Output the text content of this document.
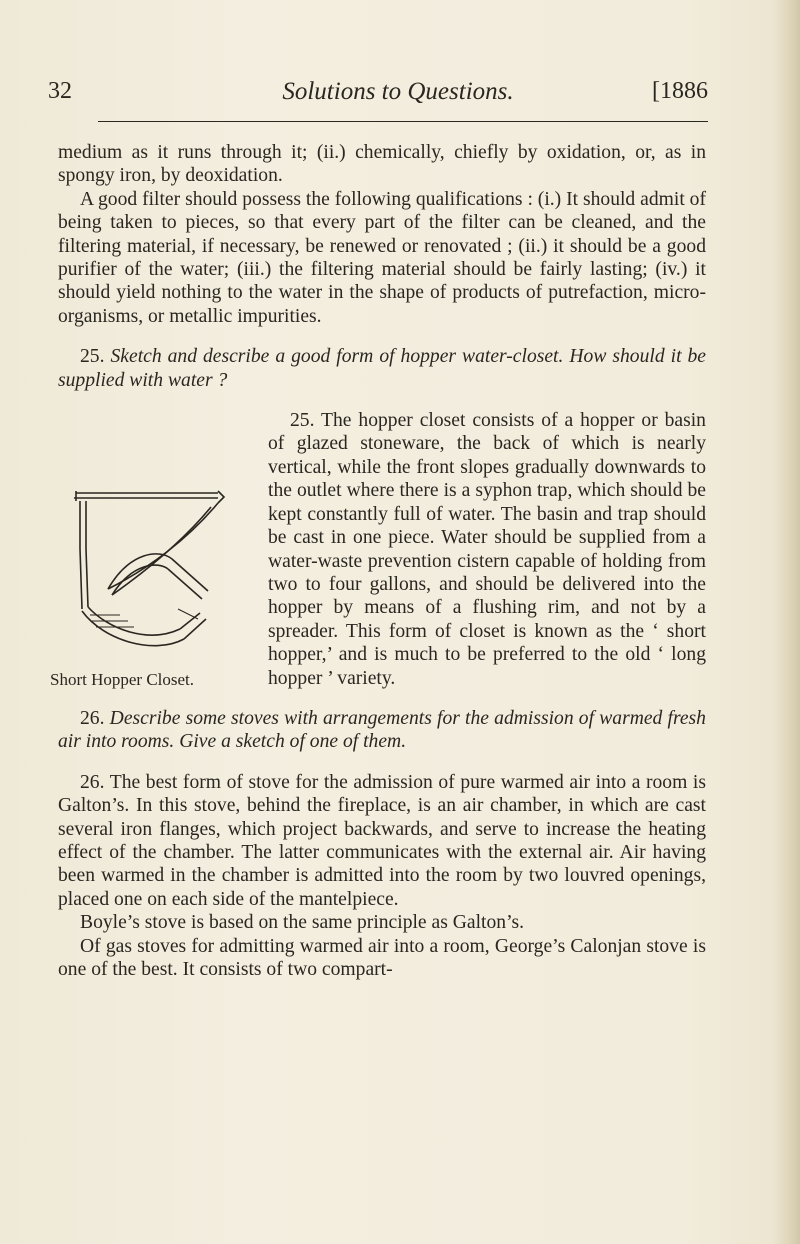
32	Solutions to Questions.	[1886

medium as it runs through it; (ii.) chemically, chiefly by oxidation, or, as in spongy iron, by deoxidation.

A good filter should possess the following qualifications : (i.) It should admit of being taken to pieces, so that every part of the filter can be cleaned, and the filtering material, if necessary, be renewed or renovated ; (ii.) it should be a good purifier of the water; (iii.) the filtering material should be fairly lasting; (iv.) it should yield nothing to the water in the shape of products of putrefaction, micro-organisms, or metallic impurities.

25. Sketch and describe a good form of hopper water-closet. How should it be supplied with water ?

25.
Short Hopper Closet.
The hopper closet consists of a hopper or basin of glazed stoneware, the back of which is nearly vertical, while the front slopes gradually downwards to the outlet where there is a syphon trap, which should be kept constantly full of water. The basin and trap should be cast in one piece. Water should be supplied from a water-waste prevention cistern capable of holding from two to four gallons, and should be delivered into the hopper by means of a flushing rim, and not by a spreader. This form of closet is known as the ‘ short hopper,’ and is much to be preferred to the old ‘ long hopper ’ variety.

26. Describe some stoves with arrangements for the admission of warmed fresh air into rooms. Give a sketch of one of them.

26. The best form of stove for the admission of pure warmed air into a room is Galton’s. In this stove, behind the fireplace, is an air chamber, in which are cast several iron flanges, which project backwards, and serve to increase the heating effect of the chamber. The latter communicates with the external air. Air having been warmed in the chamber is admitted into the room by two louvred openings, placed one on each side of the mantelpiece.

Boyle’s stove is based on the same principle as Galton’s.

Of gas stoves for admitting warmed air into a room, George’s Calonjan stove is one of the best. It consists of two compart-
